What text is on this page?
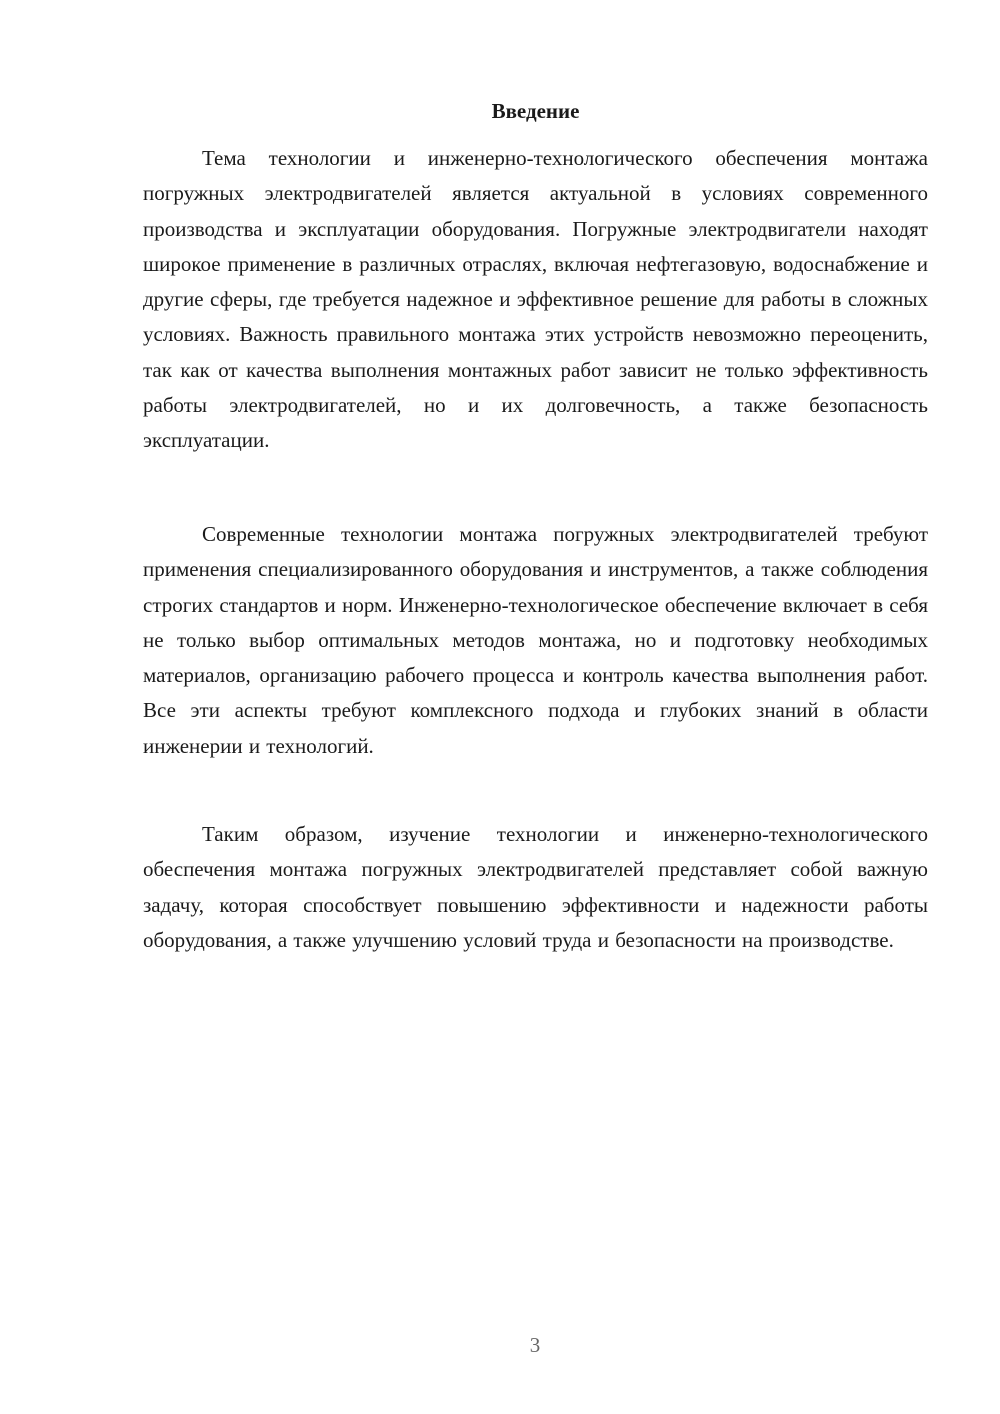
Введение

Тема технологии и инженерно-технологического обеспечения монтажа погружных электродвигателей является актуальной в условиях современного производства и эксплуатации оборудования. Погружные электродвигатели находят широкое применение в различных отраслях, включая нефтегазовую, водоснабжение и другие сферы, где требуется надежное и эффективное решение для работы в сложных условиях. Важность правильного монтажа этих устройств невозможно переоценить, так как от качества выполнения монтажных работ зависит не только эффективность работы электродвигателей, но и их долговечность, а также безопасность эксплуатации.

Современные технологии монтажа погружных электродвигателей требуют применения специализированного оборудования и инструментов, а также соблюдения строгих стандартов и норм. Инженерно-технологическое обеспечение включает в себя не только выбор оптимальных методов монтажа, но и подготовку необходимых материалов, организацию рабочего процесса и контроль качества выполнения работ. Все эти аспекты требуют комплексного подхода и глубоких знаний в области инженерии и технологий.

Таким образом, изучение технологии и инженерно-технологического обеспечения монтажа погружных электродвигателей представляет собой важную задачу, которая способствует повышению эффективности и надежности работы оборудования, а также улучшению условий труда и безопасности на производстве.

3
